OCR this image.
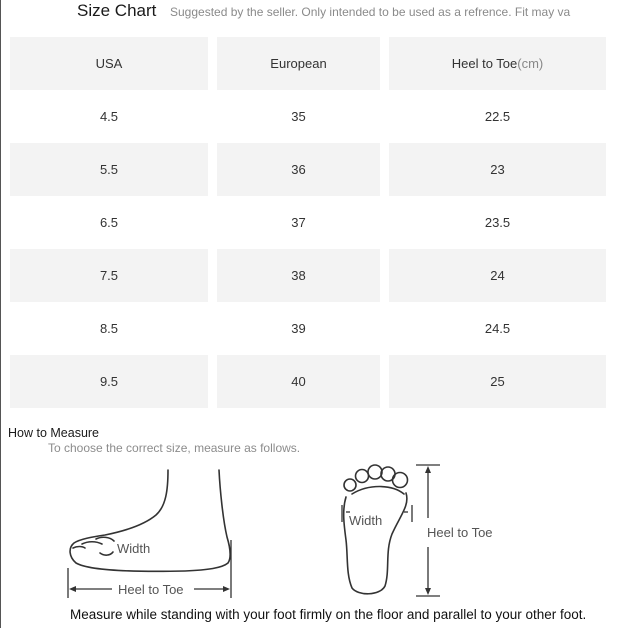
Size Chart Suggested by the seller. Only intended to be used as a refrence. Fit may va
USA	European	Heel to Toe (cm)
4.5	35	22.5
5.5	36	23
6.5	37	23.5
7.5	38	24
8.5	39	24.5
9.5	40	25
How to Measure
To choose the correct size, measure as follows.
Width
Heel to Toe
Width
Heel to Toe
Measure while standing with your foot firmly on the floor and parallel to your other foot.
